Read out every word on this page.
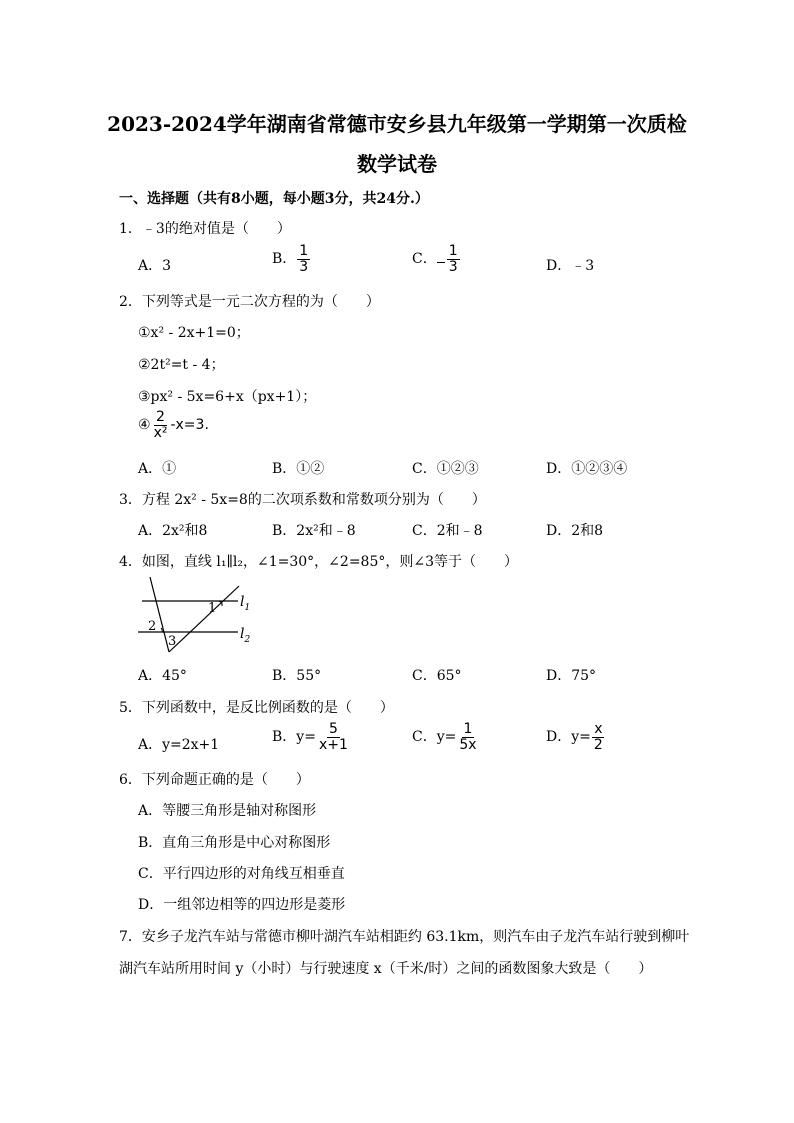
2023-2024学年湖南省常德市安乡县九年级第一学期第一次质检
数学试卷
一、选择题（共有8小题，每小题3分，共24分.）
1．﹣3的绝对值是（　　）
A．3	B． $\frac{1}{3}$	C． $\frac{1}{3}$	D．﹣3
2．下列等式是一元二次方程的为（　　）
①x² - 2x+1=0；
②2t²=t - 4；
③px² - 5x=6+x（px+1）；
④ $\frac{2}{\text{x²}} -x=3$.
A．①	B．①②	C．①②③	D．①②③④
3．方程 2x² - 5x=8的二次项系数和常数项分别为（　　）
A．2x²和8	B．2x²和﹣8	C．2和﹣8	D．2和8
4．如图，直线 l₁∥l₂，∠1=30°，∠2=85°，则∠3等于（　　）
1
2
3
$l_1$
$l_2$
A．45°	B．55°	C．65°	D．75°
5．下列函数中，是反比例函数的是（　　）
A．y=2x+1	B．$y= \frac{5}{x+1}$	C．$y= \frac{1}{5x}$	D．$y= \frac{x}{2}$
6．下列命题正确的是（　　）
A．等腰三角形是轴对称图形
B．直角三角形是中心对称图形
C．平行四边形的对角线互相垂直
D．一组邻边相等的四边形是菱形
7．安乡子龙汽车站与常德市柳叶湖汽车站相距约 63.1km，则汽车由子龙汽车站行驶到柳叶
湖汽车站所用时间 y（小时）与行驶速度 x（千米/时）之间的函数图象大致是（　　）
